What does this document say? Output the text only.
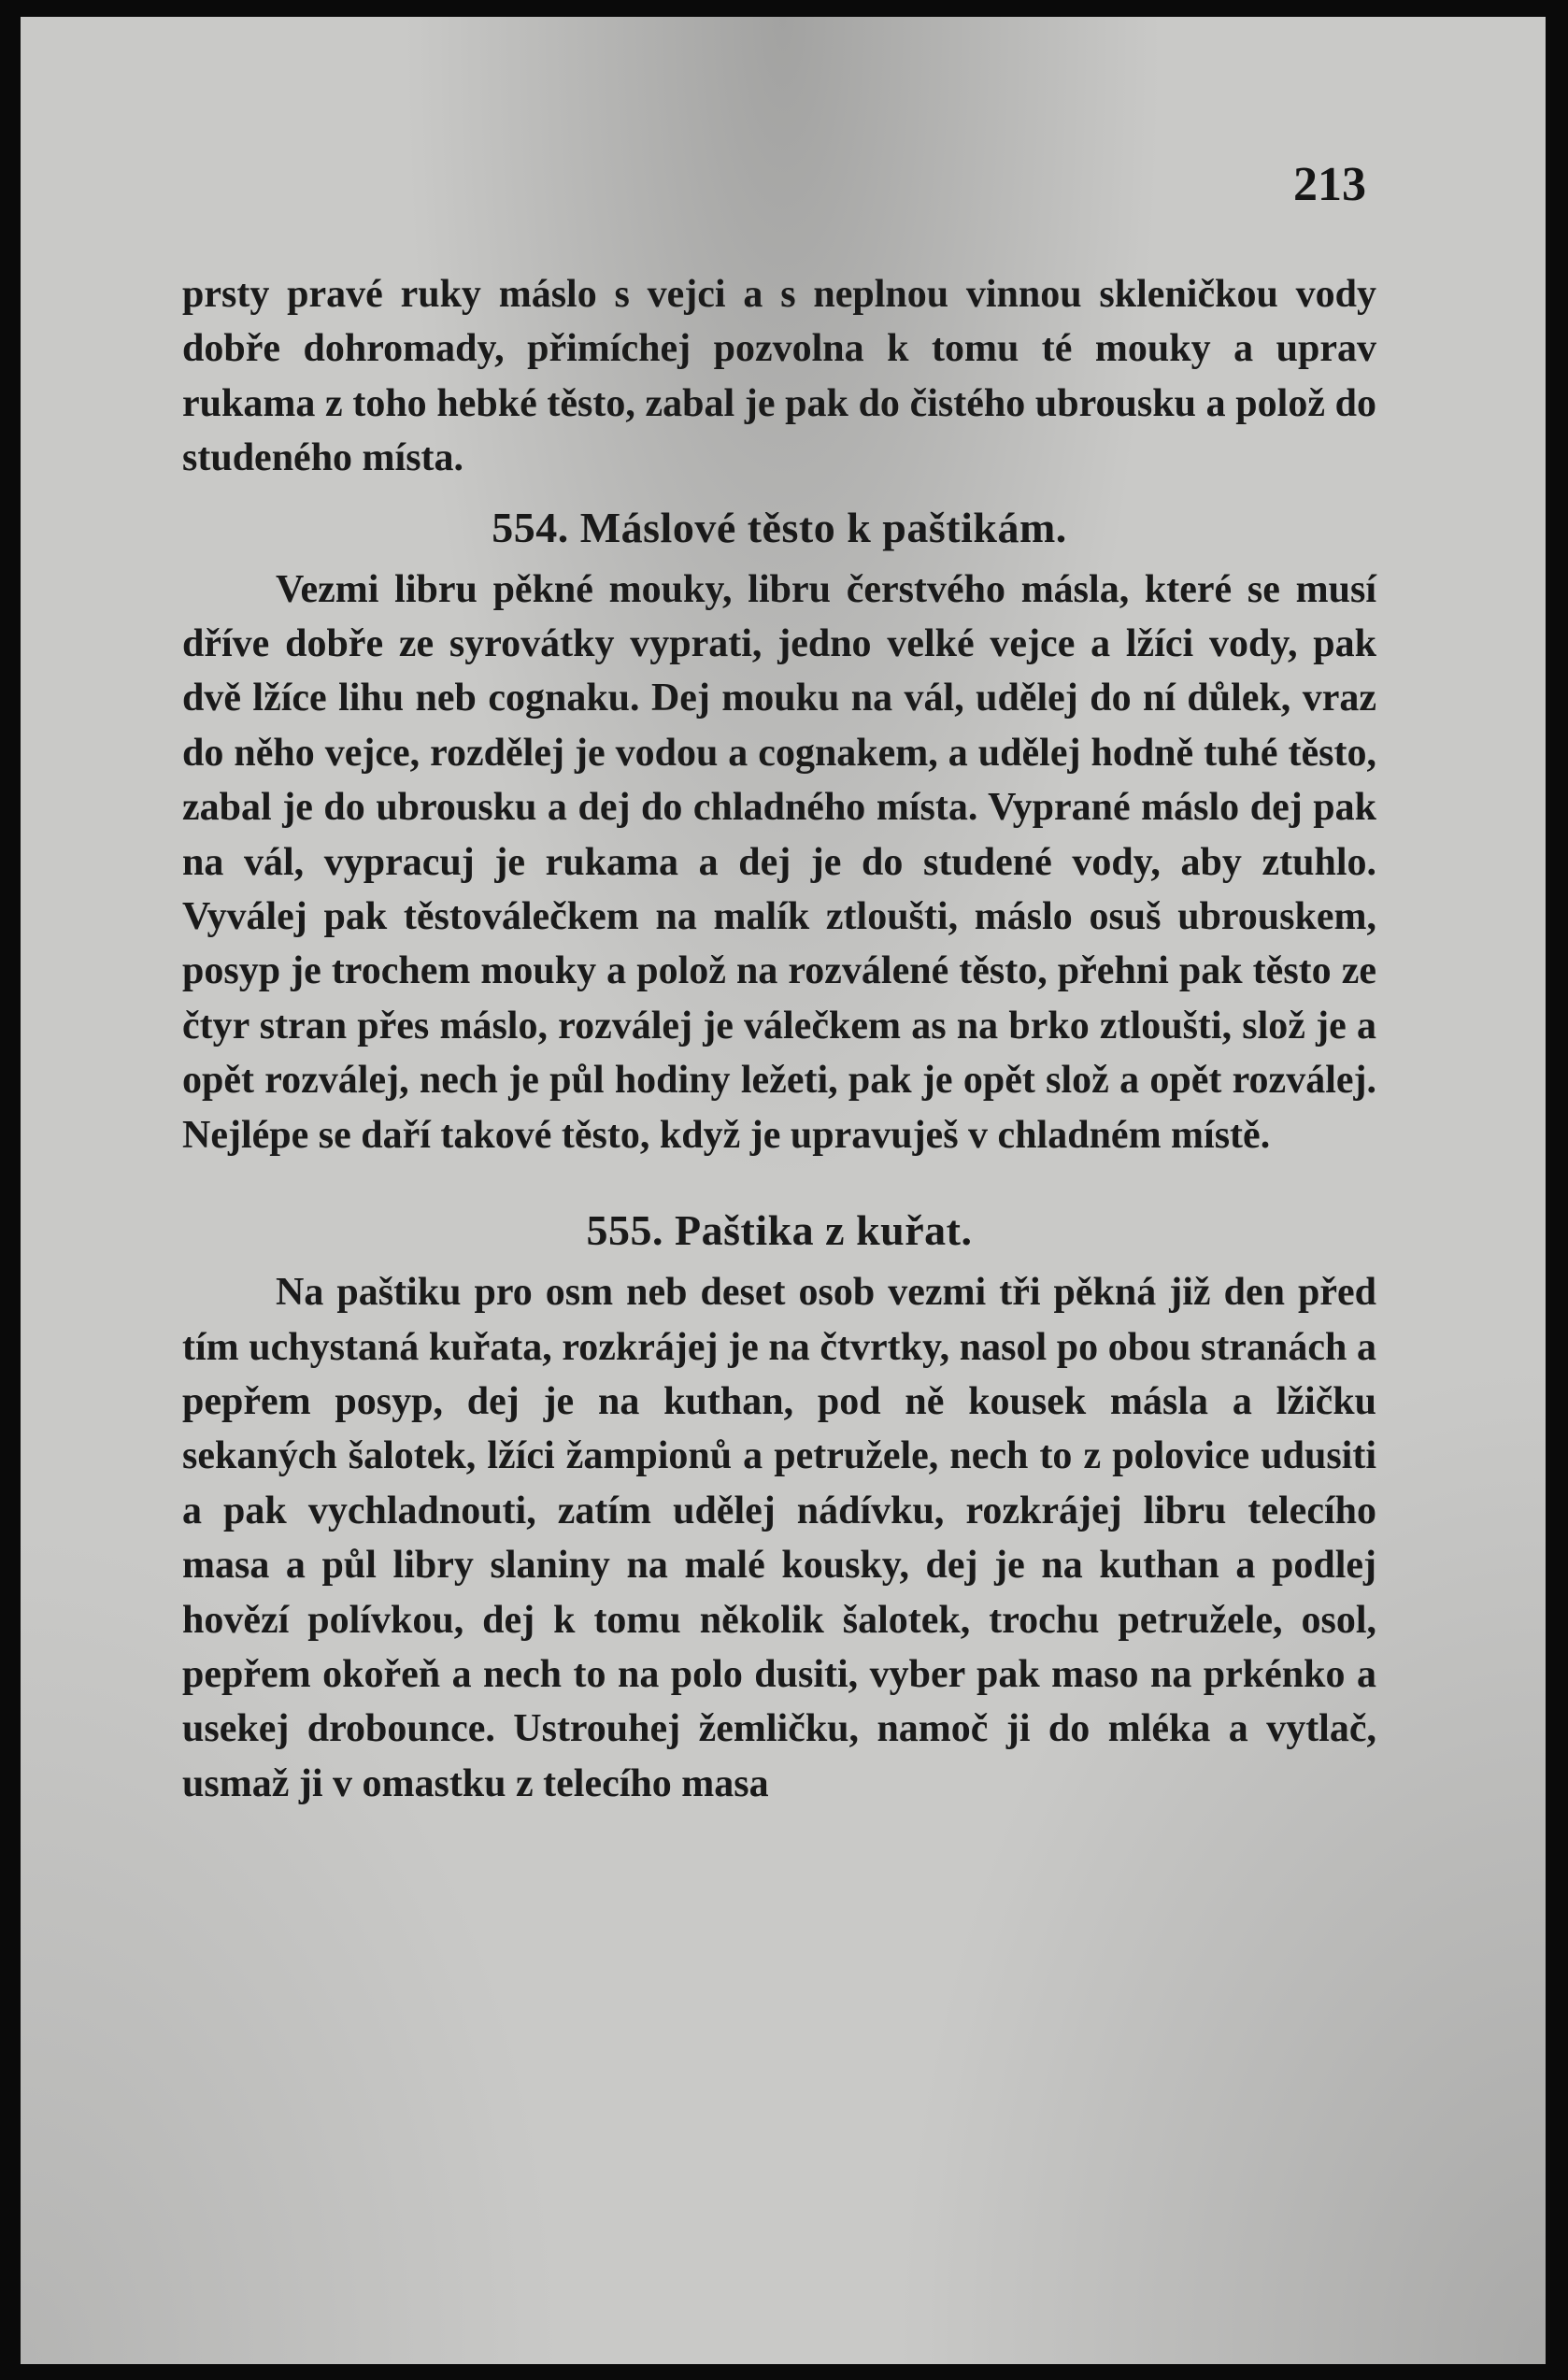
213

prsty pravé ruky máslo s vejci a s neplnou vinnou skleničkou vody dobře dohromady, přimíchej pozvolna k tomu té mouky a uprav rukama z toho hebké těsto, zabal je pak do čistého ubrousku a polož do studeného místa.

554. Máslové těsto k paštikám.

Vezmi libru pěkné mouky, libru čerstvého másla, které se musí dříve dobře ze syrovátky vyprati, jedno velké vejce a lžíci vody, pak dvě lžíce lihu neb cognaku. Dej mouku na vál, udělej do ní důlek, vraz do něho vejce, rozdělej je vodou a cognakem, a udělej hodně tuhé těsto, zabal je do ubrousku a dej do chladného místa. Vyprané máslo dej pak na vál, vypracuj je rukama a dej je do studené vody, aby ztuhlo. Vyválej pak těstoválečkem na malík ztloušti, máslo osuš ubrouskem, posyp je trochem mouky a polož na rozválené těsto, přehni pak těsto ze čtyr stran přes máslo, rozválej je válečkem as na brko ztloušti, slož je a opět rozválej, nech je půl hodiny ležeti, pak je opět slož a opět rozválej. Nejlépe se daří takové těsto, když je upravuješ v chladném místě.

555. Paštika z kuřat.

Na paštiku pro osm neb deset osob vezmi tři pěkná již den před tím uchystaná kuřata, rozkrájej je na čtvrtky, nasol po obou stranách a pepřem posyp, dej je na kuthan, pod ně kousek másla a lžičku sekaných šalotek, lžíci žampionů a petružele, nech to z polovice udusiti a pak vychladnouti, zatím udělej nádívku, rozkrájej libru telecího masa a půl libry slaniny na malé kousky, dej je na kuthan a podlej hovězí polívkou, dej k tomu několik šalotek, trochu petružele, osol, pepřem okořeň a nech to na polo dusiti, vyber pak maso na prkénko a usekej drobounce. Ustrouhej žemličku, namoč ji do mléka a vytlač, usmaž ji v omastku z telecího masa
